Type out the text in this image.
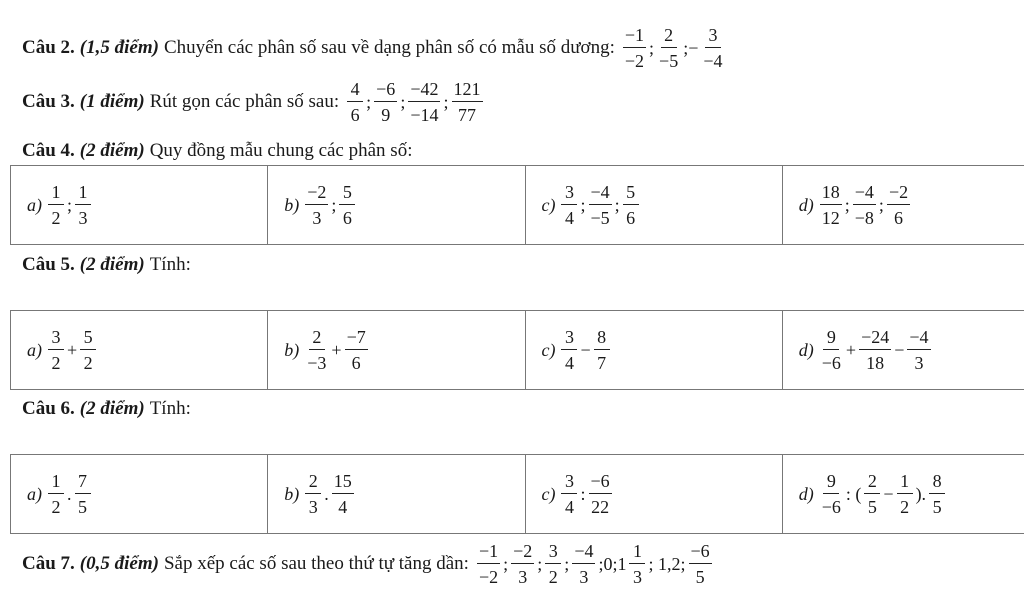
Câu 2. (1,5 điểm) Chuyển các phân số sau về dạng phân số có mẫu số dương: $\frac{-1}{-2}$ ; $\frac{2}{-5}$ ;− $\frac{3}{-4}$
Câu 3. (1 điểm) Rút gọn các phân số sau: $\frac{4}{6}$ ; $\frac{-6}{9}$ ; $\frac{-42}{-14}$ ; $\frac{121}{77}$
Câu 4. (2 điểm) Quy đồng mẫu chung các phân số:
$a) \frac{1}{2}$ ; $\frac{1}{3}$	$b) \frac{-2}{3}$ ; $\frac{5}{6}$	$c) \frac{3}{4}$ ; $\frac{-4}{-5}$ ; $\frac{5}{6}$	$d) \frac{18}{12}$ ; $\frac{-4}{-8}$ ; $\frac{-2}{6}$
Câu 5. (2 điểm) Tính:
$a) \frac{3}{2} + \frac{5}{2}$	$b) \frac{2}{-3} + \frac{-7}{6}$	$c) \frac{3}{4} - \frac{8}{7}$	$d) \frac{9}{-6} + \frac{-24}{18} - \frac{-4}{3}$
Câu 6. (2 điểm) Tính:
$a) \frac{1}{2}$ . $\frac{7}{5}$	$b) \frac{2}{3}$ . $\frac{15}{4}$	$c) \frac{3}{4}$ : $\frac{-6}{22}$	$d) \frac{9}{-6}$ : ( $\frac{2}{5} - \frac{1}{2}$ ). $\frac{8}{5}$
Câu 7. (0,5 điểm) Sắp xếp các số sau theo thứ tự tăng dần: $\frac{-1}{-2}$ ; $\frac{-2}{3}$ ; $\frac{3}{2}$ ; $\frac{-4}{3}$ ;0;1 $\frac{1}{3}$ ; 1,2; $\frac{-6}{5}$
